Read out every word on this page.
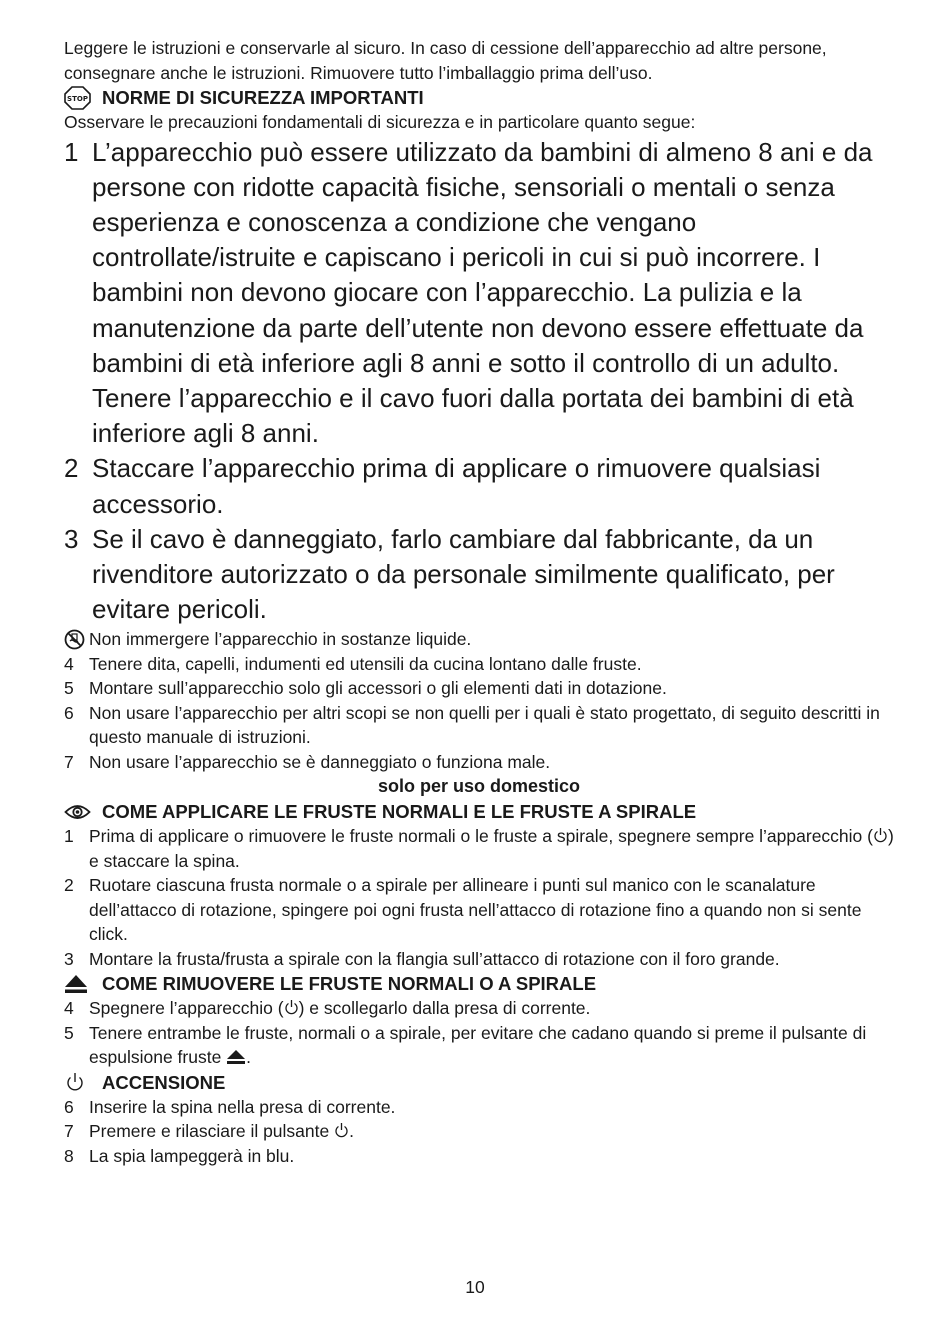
Leggere le istruzioni e conservarle al sicuro. In caso di cessione dell’apparecchio ad altre persone, consegnare anche le istruzioni. Rimuovere tutto l’imballaggio prima dell’uso.

STOP NORME DI SICUREZZA IMPORTANTI

Osservare le precauzioni fondamentali di sicurezza e in particolare quanto segue:

1 L’apparecchio può essere utilizzato da bambini di almeno 8 ani e da persone con ridotte capacità fisiche, sensoriali o mentali o senza esperienza e conoscenza a condizione che vengano controllate/istruite e capiscano i pericoli in cui si può incorrere. I bambini non devono giocare con l’apparecchio. La pulizia e la manutenzione da parte dell’utente non devono essere effettuate da bambini di età inferiore agli 8 anni e sotto il controllo di un adulto. Tenere l’apparecchio e il cavo fuori dalla portata dei bambini di età inferiore agli 8 anni.
2 Staccare l’apparecchio prima di applicare o rimuovere qualsiasi accessorio.
3 Se il cavo è danneggiato, farlo cambiare dal fabbricante, da un rivenditore autorizzato o da personale similmente qualificato, per evitare pericoli.
Non immergere l’apparecchio in sostanze liquide.
4 Tenere dita, capelli, indumenti ed utensili da cucina lontano dalle fruste.
5 Montare sull’apparecchio solo gli accessori o gli elementi dati in dotazione.
6 Non usare l’apparecchio per altri scopi se non quelli per i quali è stato progettato, di seguito descritti in questo manuale di istruzioni.
7 Non usare l’apparecchio se è danneggiato o funziona male.

solo per uso domestico

COME APPLICARE LE FRUSTE NORMALI E LE FRUSTE A SPIRALE
1 Prima di applicare o rimuovere le fruste normali o le fruste a spirale, spegnere sempre l’apparecchio ( ) e staccare la spina.
2 Ruotare ciascuna frusta normale o a spirale per allineare i punti sul manico con le scanalature dell’attacco di rotazione, spingere poi ogni frusta nell’attacco di rotazione fino a quando non si sente click.
3 Montare la frusta/frusta a spirale con la flangia sull’attacco di rotazione con il foro grande.
COME RIMUOVERE LE FRUSTE NORMALI O A SPIRALE
4 Spegnere l’apparecchio ( ) e scollegarlo dalla presa di corrente.
5 Tenere entrambe le fruste, normali o a spirale, per evitare che cadano quando si preme il pulsante di espulsione fruste .
ACCENSIONE
6 Inserire la spina nella presa di corrente.
7 Premere e rilasciare il pulsante .
8 La spia lampeggerà in blu.
10
